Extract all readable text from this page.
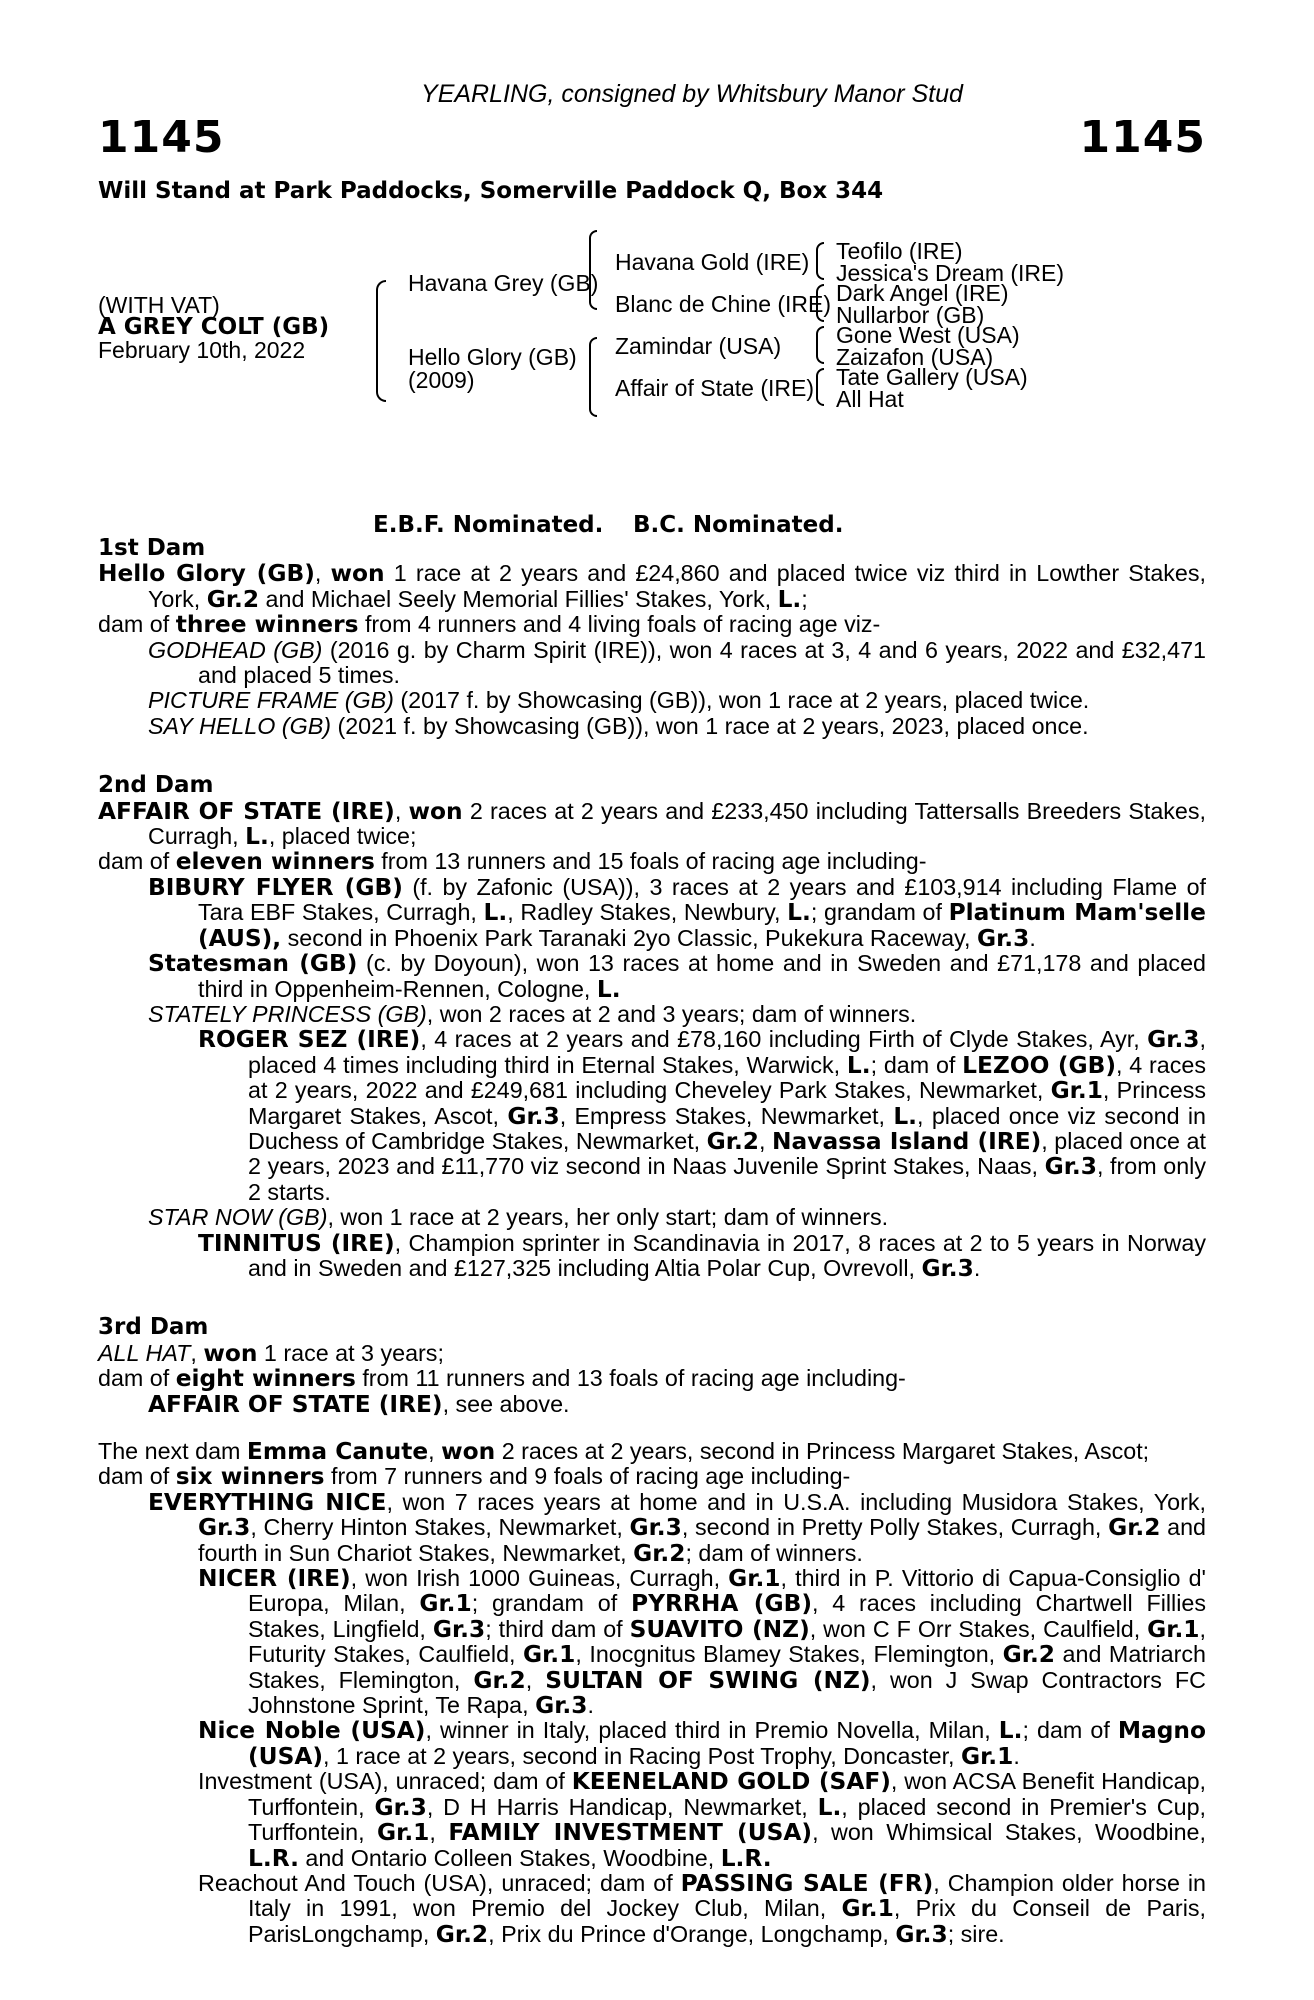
YEARLING, consigned by Whitsbury Manor Stud
1145	1145
Will Stand at Park Paddocks, Somerville Paddock Q, Box 344
(WITH VAT)
A GREY COLT (GB)
February 10th, 2022
Havana Grey (GB)
Hello Glory (GB)
(2009)
Havana Gold (IRE)
Blanc de Chine (IRE)
Zamindar (USA)
Affair of State (IRE)
Teofilo (IRE)
Jessica's Dream (IRE)
Dark Angel (IRE)
Nullarbor (GB)
Gone West (USA)
Zaizafon (USA)
Tate Gallery (USA)
All Hat
E.B.F. Nominated. B.C. Nominated.
1st Dam
Hello Glory (GB), won 1 race at 2 years and £24,860 and placed twice viz third in Lowther Stakes, York, Gr.2 and Michael Seely Memorial Fillies' Stakes, York, L.;
dam of three winners from 4 runners and 4 living foals of racing age viz-
GODHEAD (GB) (2016 g. by Charm Spirit (IRE)), won 4 races at 3, 4 and 6 years, 2022 and £32,471 and placed 5 times.
PICTURE FRAME (GB) (2017 f. by Showcasing (GB)), won 1 race at 2 years, placed twice.
SAY HELLO (GB) (2021 f. by Showcasing (GB)), won 1 race at 2 years, 2023, placed once.
2nd Dam
AFFAIR OF STATE (IRE), won 2 races at 2 years and £233,450 including Tattersalls Breeders Stakes, Curragh, L., placed twice;
dam of eleven winners from 13 runners and 15 foals of racing age including-
BIBURY FLYER (GB) (f. by Zafonic (USA)), 3 races at 2 years and £103,914 including Flame of Tara EBF Stakes, Curragh, L., Radley Stakes, Newbury, L.; grandam of Platinum Mam'selle (AUS), second in Phoenix Park Taranaki 2yo Classic, Pukekura Raceway, Gr.3.
Statesman (GB) (c. by Doyoun), won 13 races at home and in Sweden and £71,178 and placed third in Oppenheim-Rennen, Cologne, L.
STATELY PRINCESS (GB), won 2 races at 2 and 3 years; dam of winners.
ROGER SEZ (IRE), 4 races at 2 years and £78,160 including Firth of Clyde Stakes, Ayr, Gr.3, placed 4 times including third in Eternal Stakes, Warwick, L.; dam of LEZOO (GB), 4 races at 2 years, 2022 and £249,681 including Cheveley Park Stakes, Newmarket, Gr.1, Princess Margaret Stakes, Ascot, Gr.3, Empress Stakes, Newmarket, L., placed once viz second in Duchess of Cambridge Stakes, Newmarket, Gr.2, Navassa Island (IRE), placed once at 2 years, 2023 and £11,770 viz second in Naas Juvenile Sprint Stakes, Naas, Gr.3, from only 2 starts.
STAR NOW (GB), won 1 race at 2 years, her only start; dam of winners.
TINNITUS (IRE), Champion sprinter in Scandinavia in 2017, 8 races at 2 to 5 years in Norway and in Sweden and £127,325 including Altia Polar Cup, Ovrevoll, Gr.3.
3rd Dam
ALL HAT, won 1 race at 3 years;
dam of eight winners from 11 runners and 13 foals of racing age including-
AFFAIR OF STATE (IRE), see above.
The next dam Emma Canute, won 2 races at 2 years, second in Princess Margaret Stakes, Ascot;
dam of six winners from 7 runners and 9 foals of racing age including-
EVERYTHING NICE, won 7 races years at home and in U.S.A. including Musidora Stakes, York, Gr.3, Cherry Hinton Stakes, Newmarket, Gr.3, second in Pretty Polly Stakes, Curragh, Gr.2 and fourth in Sun Chariot Stakes, Newmarket, Gr.2; dam of winners.
NICER (IRE), won Irish 1000 Guineas, Curragh, Gr.1, third in P. Vittorio di Capua-Consiglio d' Europa, Milan, Gr.1; grandam of PYRRHA (GB), 4 races including Chartwell Fillies Stakes, Lingfield, Gr.3; third dam of SUAVITO (NZ), won C F Orr Stakes, Caulfield, Gr.1, Futurity Stakes, Caulfield, Gr.1, Inocgnitus Blamey Stakes, Flemington, Gr.2 and Matriarch Stakes, Flemington, Gr.2, SULTAN OF SWING (NZ), won J Swap Contractors FC Johnstone Sprint, Te Rapa, Gr.3.
Nice Noble (USA), winner in Italy, placed third in Premio Novella, Milan, L.; dam of Magno (USA), 1 race at 2 years, second in Racing Post Trophy, Doncaster, Gr.1.
Investment (USA), unraced; dam of KEENELAND GOLD (SAF), won ACSA Benefit Handicap, Turffontein, Gr.3, D H Harris Handicap, Newmarket, L., placed second in Premier's Cup, Turffontein, Gr.1, FAMILY INVESTMENT (USA), won Whimsical Stakes, Woodbine, L.R. and Ontario Colleen Stakes, Woodbine, L.R.
Reachout And Touch (USA), unraced; dam of PASSING SALE (FR), Champion older horse in Italy in 1991, won Premio del Jockey Club, Milan, Gr.1, Prix du Conseil de Paris, ParisLongchamp, Gr.2, Prix du Prince d'Orange, Longchamp, Gr.3; sire.
